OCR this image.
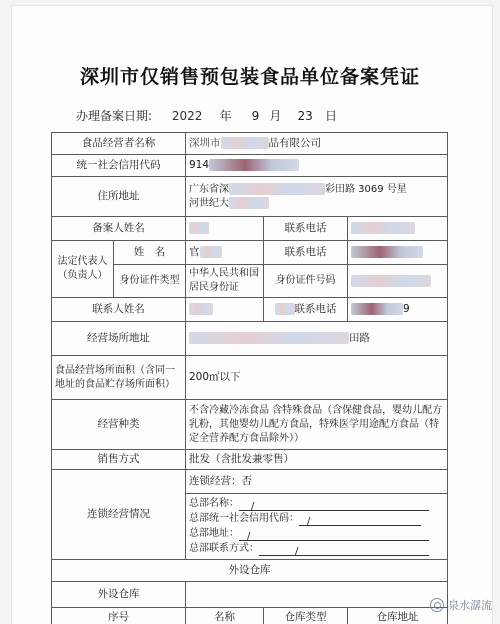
深圳市仅销售预包装食品单位备案凭证
办理备案日期: 2022 年 9 月 23 日
食品经营者名称		深圳市 品有限公司		
统一社会信用代码		914		
住所地址		广东省深 彩田路 3069 号星
河世纪大		

备案人姓名			联系电话	
法定代表人（负责人）	姓　名	官	联系电话	
	身份证件类型	中华人民共和国居民身份证	身份证件号码	
联系人姓名			联系电话	9
经营场所地址		田路		
食品经营场所面积（含同一地址的食品贮存场所面积）		200㎡以下		
经营种类		不含冷藏冷冻食品 含特殊食品（含保健食品，婴幼儿配方乳粉，其他婴幼儿配方食品，特殊医学用途配方食品（特定全营养配方食品除外））		
销售方式		批发（含批发兼零售）		
连锁经营情况		连锁经营：否		

		总部名称： /
总部统一社会信用代码： /
总部地址： /
总部联系方式： /		

外设仓库				
外设仓库				
序号		名称	仓库类型	仓库地址
泉水潺流
